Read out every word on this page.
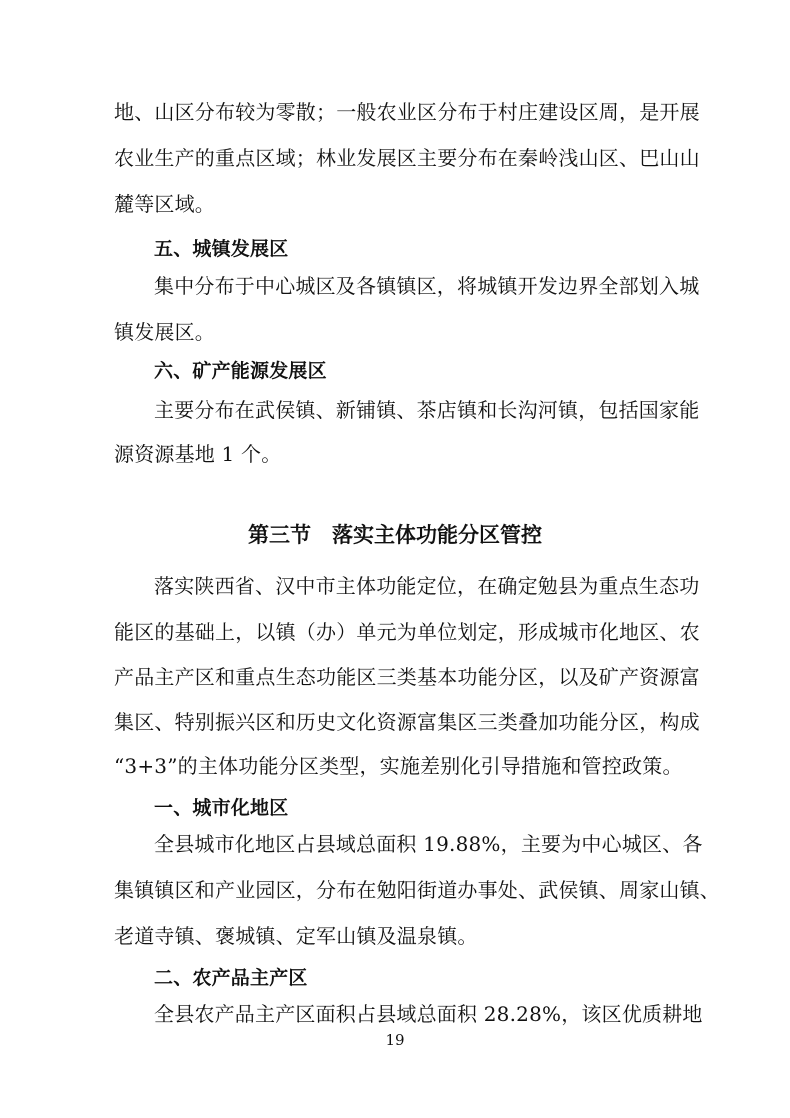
地、山区分布较为零散；一般农业区分布于村庄建设区周，是开展
农业生产的重点区域；林业发展区主要分布在秦岭浅山区、巴山山
麓等区域。
五、城镇发展区
集中分布于中心城区及各镇镇区，将城镇开发边界全部划入城
镇发展区。
六、矿产能源发展区
主要分布在武侯镇、新铺镇、茶店镇和长沟河镇，包括国家能
源资源基地 1 个。
第三节　落实主体功能分区管控
落实陕西省、汉中市主体功能定位，在确定勉县为重点生态功
能区的基础上，以镇（办）单元为单位划定，形成城市化地区、农
产品主产区和重点生态功能区三类基本功能分区，以及矿产资源富
集区、特别振兴区和历史文化资源富集区三类叠加功能分区，构成
“3+3”的主体功能分区类型，实施差别化引导措施和管控政策。
一、城市化地区
全县城市化地区占县域总面积 19.88%，主要为中心城区、各
集镇镇区和产业园区，分布在勉阳街道办事处、武侯镇、周家山镇、
老道寺镇、褒城镇、定军山镇及温泉镇。
二、农产品主产区
全县农产品主产区面积占县域总面积 28.28%，该区优质耕地
19
